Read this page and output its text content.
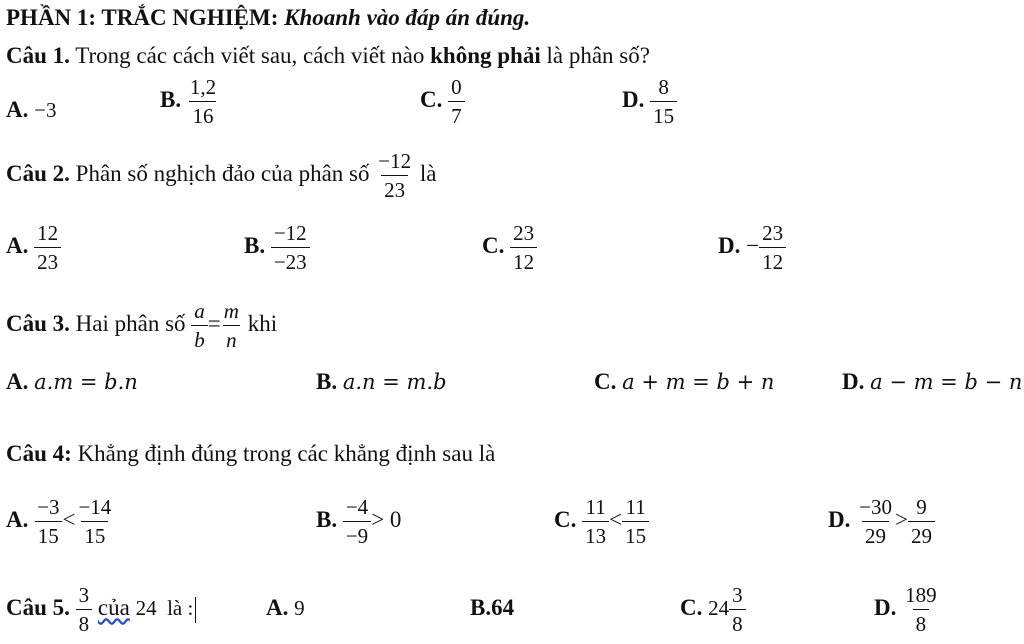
PHẦN 1: TRẮC NGHIỆM: Khoanh vào đáp án đúng.
Câu 1. Trong các cách viết sau, cách viết nào không phải là phân số?
A. −3	B. $\frac{1,2}{16}$	C. $\frac{0}{7}$	D. $\frac{8}{15}$
Câu 2. Phân số nghịch đảo của phân số $\frac{-12}{23}$ là
A. $\frac{12}{23}$	B. $\frac{-12}{-23}$	C. $\frac{23}{12}$	D. − $\frac{23}{12}$
Câu 3. Hai phân số $\frac{a}{b} = \frac{m}{n}$ khi
A. a.m = b.n	B. a.n = m.b	C. a + m = b + n	D. a − m = b − n
Câu 4: Khẳng định đúng trong các khẳng định sau là
A. $\frac{-3}{15} < \frac{-14}{15}$	B. $\frac{-4}{-9} > 0$	C. $\frac{11}{13} < \frac{11}{15}$	D. $\frac{-30}{29} > \frac{9}{29}$
Câu 5. $\frac{3}{8}$ của 24  là :	A. 9	B.64	C. $24 \frac{3}{8}$	D. $\frac{189}{8}$
